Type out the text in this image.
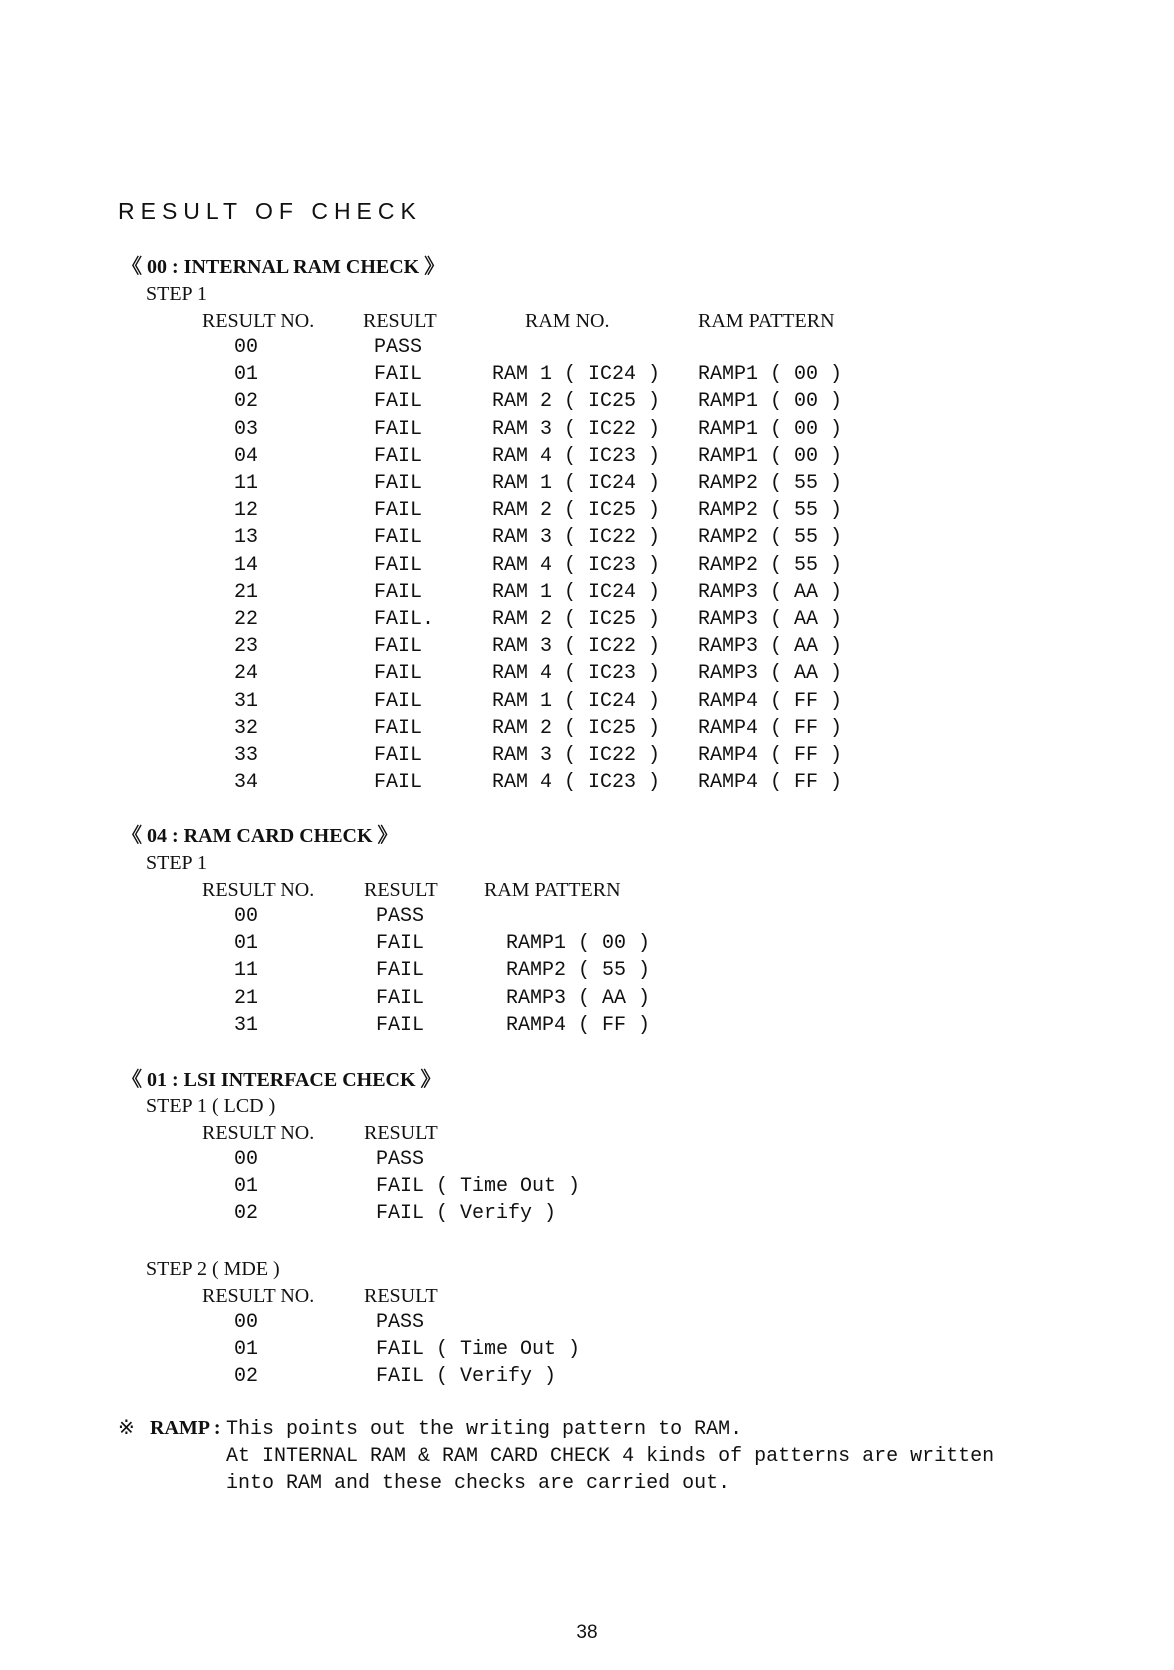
RESULT OF CHECK
《 00 : INTERNAL RAM CHECK 》
STEP 1
RESULT NO. RESULT	RAM NO.	RAM PATTERN
00	PASS
01	FAIL	RAM 1 ( IC24 ) RAMP1 ( 00 )
02	FAIL	RAM 2 ( IC25 ) RAMP1 ( 00 )
03	FAIL	RAM 3 ( IC22 ) RAMP1 ( 00 )
04	FAIL	RAM 4 ( IC23 ) RAMP1 ( 00 )
11	FAIL	RAM 1 ( IC24 ) RAMP2 ( 55 )
12	FAIL	RAM 2 ( IC25 ) RAMP2 ( 55 )
13	FAIL	RAM 3 ( IC22 ) RAMP2 ( 55 )
14	FAIL	RAM 4 ( IC23 ) RAMP2 ( 55 )
21	FAIL	RAM 1 ( IC24 ) RAMP3 ( AA )
22	FAIL.	RAM 2 ( IC25 ) RAMP3 ( AA )
23	FAIL	RAM 3 ( IC22 ) RAMP3 ( AA )
24	FAIL	RAM 4 ( IC23 ) RAMP3 ( AA )
31	FAIL	RAM 1 ( IC24 ) RAMP4 ( FF )
32	FAIL	RAM 2 ( IC25 ) RAMP4 ( FF )
33	FAIL	RAM 3 ( IC22 ) RAMP4 ( FF )
34	FAIL	RAM 4 ( IC23 ) RAMP4 ( FF )
《 04 : RAM CARD CHECK 》
STEP 1
RESULT NO. RESULT RAM PATTERN
00	PASS
01	FAIL	RAMP1 ( 00 )
11	FAIL	RAMP2 ( 55 )
21	FAIL	RAMP3 ( AA )
31	FAIL	RAMP4 ( FF )
《 01 : LSI INTERFACE CHECK 》
STEP 1 ( LCD )
RESULT NO. RESULT
00	PASS
01	FAIL ( Time Out )
02	FAIL ( Verify )
STEP 2 ( MDE )
RESULT NO. RESULT
00	PASS
01	FAIL ( Time Out )
02	FAIL ( Verify )
※ RAMP : This points out the writing pattern to RAM.
At INTERNAL RAM & RAM CARD CHECK 4 kinds of patterns are written
into RAM and these checks are carried out.
38
